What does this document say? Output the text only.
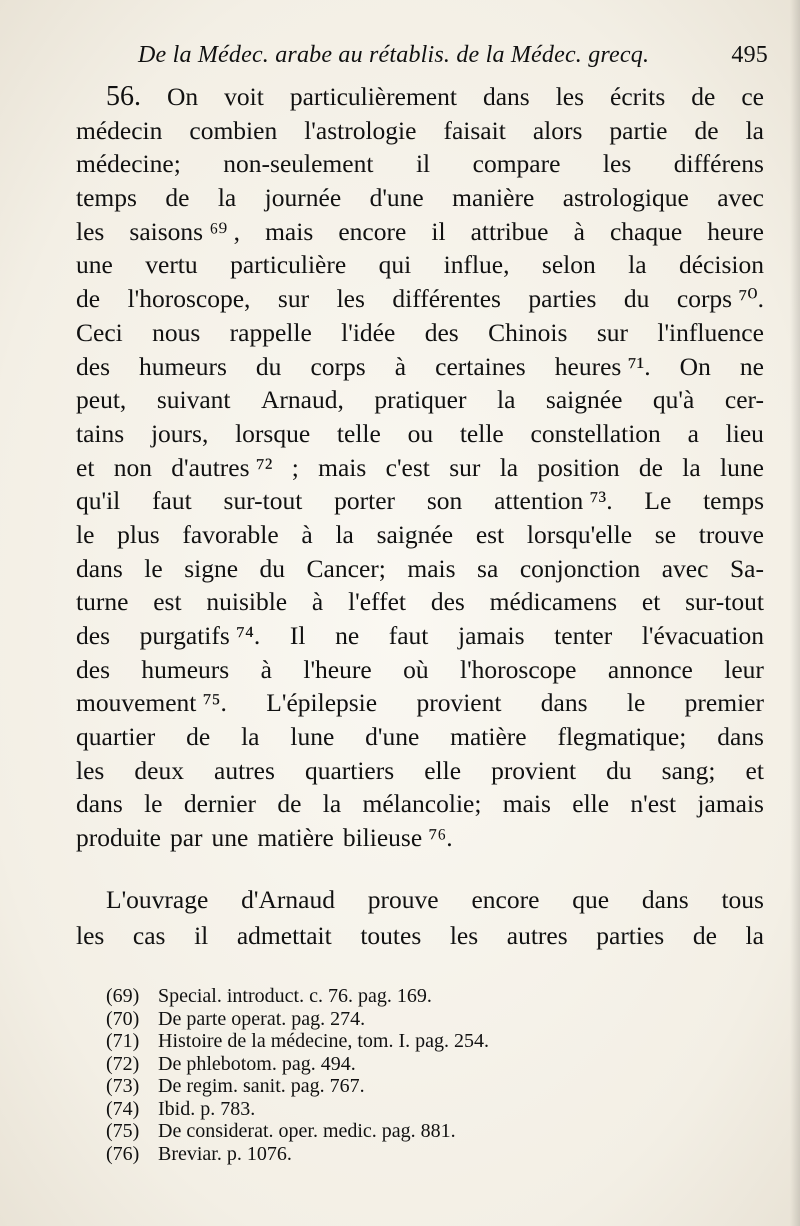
De la Médec. arabe au rétablis. de la Médec. grecq.	495
56. On voit particulièrement dans les écrits de ce
médecin combien l'astrologie faisait alors partie de la
médecine; non-seulement il compare les différens
temps de la journée d'une manière astrologique avec
les saisons ⁶⁹ , mais encore il attribue à chaque heure
une vertu particulière qui influe, selon la décision
de l'horoscope, sur les différentes parties du corps ⁷⁰.
Ceci nous rappelle l'idée des Chinois sur l'influence
des humeurs du corps à certaines heures ⁷¹. On ne
peut, suivant Arnaud, pratiquer la saignée qu'à cer-
tains jours, lorsque telle ou telle constellation a lieu
et non d'autres ⁷² ; mais c'est sur la position de la lune
qu'il faut sur-tout porter son attention ⁷³. Le temps
le plus favorable à la saignée est lorsqu'elle se trouve
dans le signe du Cancer; mais sa conjonction avec Sa-
turne est nuisible à l'effet des médicamens et sur-tout
des purgatifs ⁷⁴. Il ne faut jamais tenter l'évacuation
des humeurs à l'heure où l'horoscope annonce leur
mouvement ⁷⁵. L'épilepsie provient dans le premier
quartier de la lune d'une matière flegmatique; dans
les deux autres quartiers elle provient du sang; et
dans le dernier de la mélancolie; mais elle n'est jamais
produite par une matière bilieuse ⁷⁶.
L'ouvrage d'Arnaud prouve encore que dans tous
les cas il admettait toutes les autres parties de la
(69) Special. introduct. c. 76. pag. 169.
(70) De parte operat. pag. 274.
(71) Histoire de la médecine, tom. I. pag. 254.
(72) De phlebotom. pag. 494.
(73) De regim. sanit. pag. 767.
(74) Ibid. p. 783.
(75) De considerat. oper. medic. pag. 881.
(76) Breviar. p. 1076.
